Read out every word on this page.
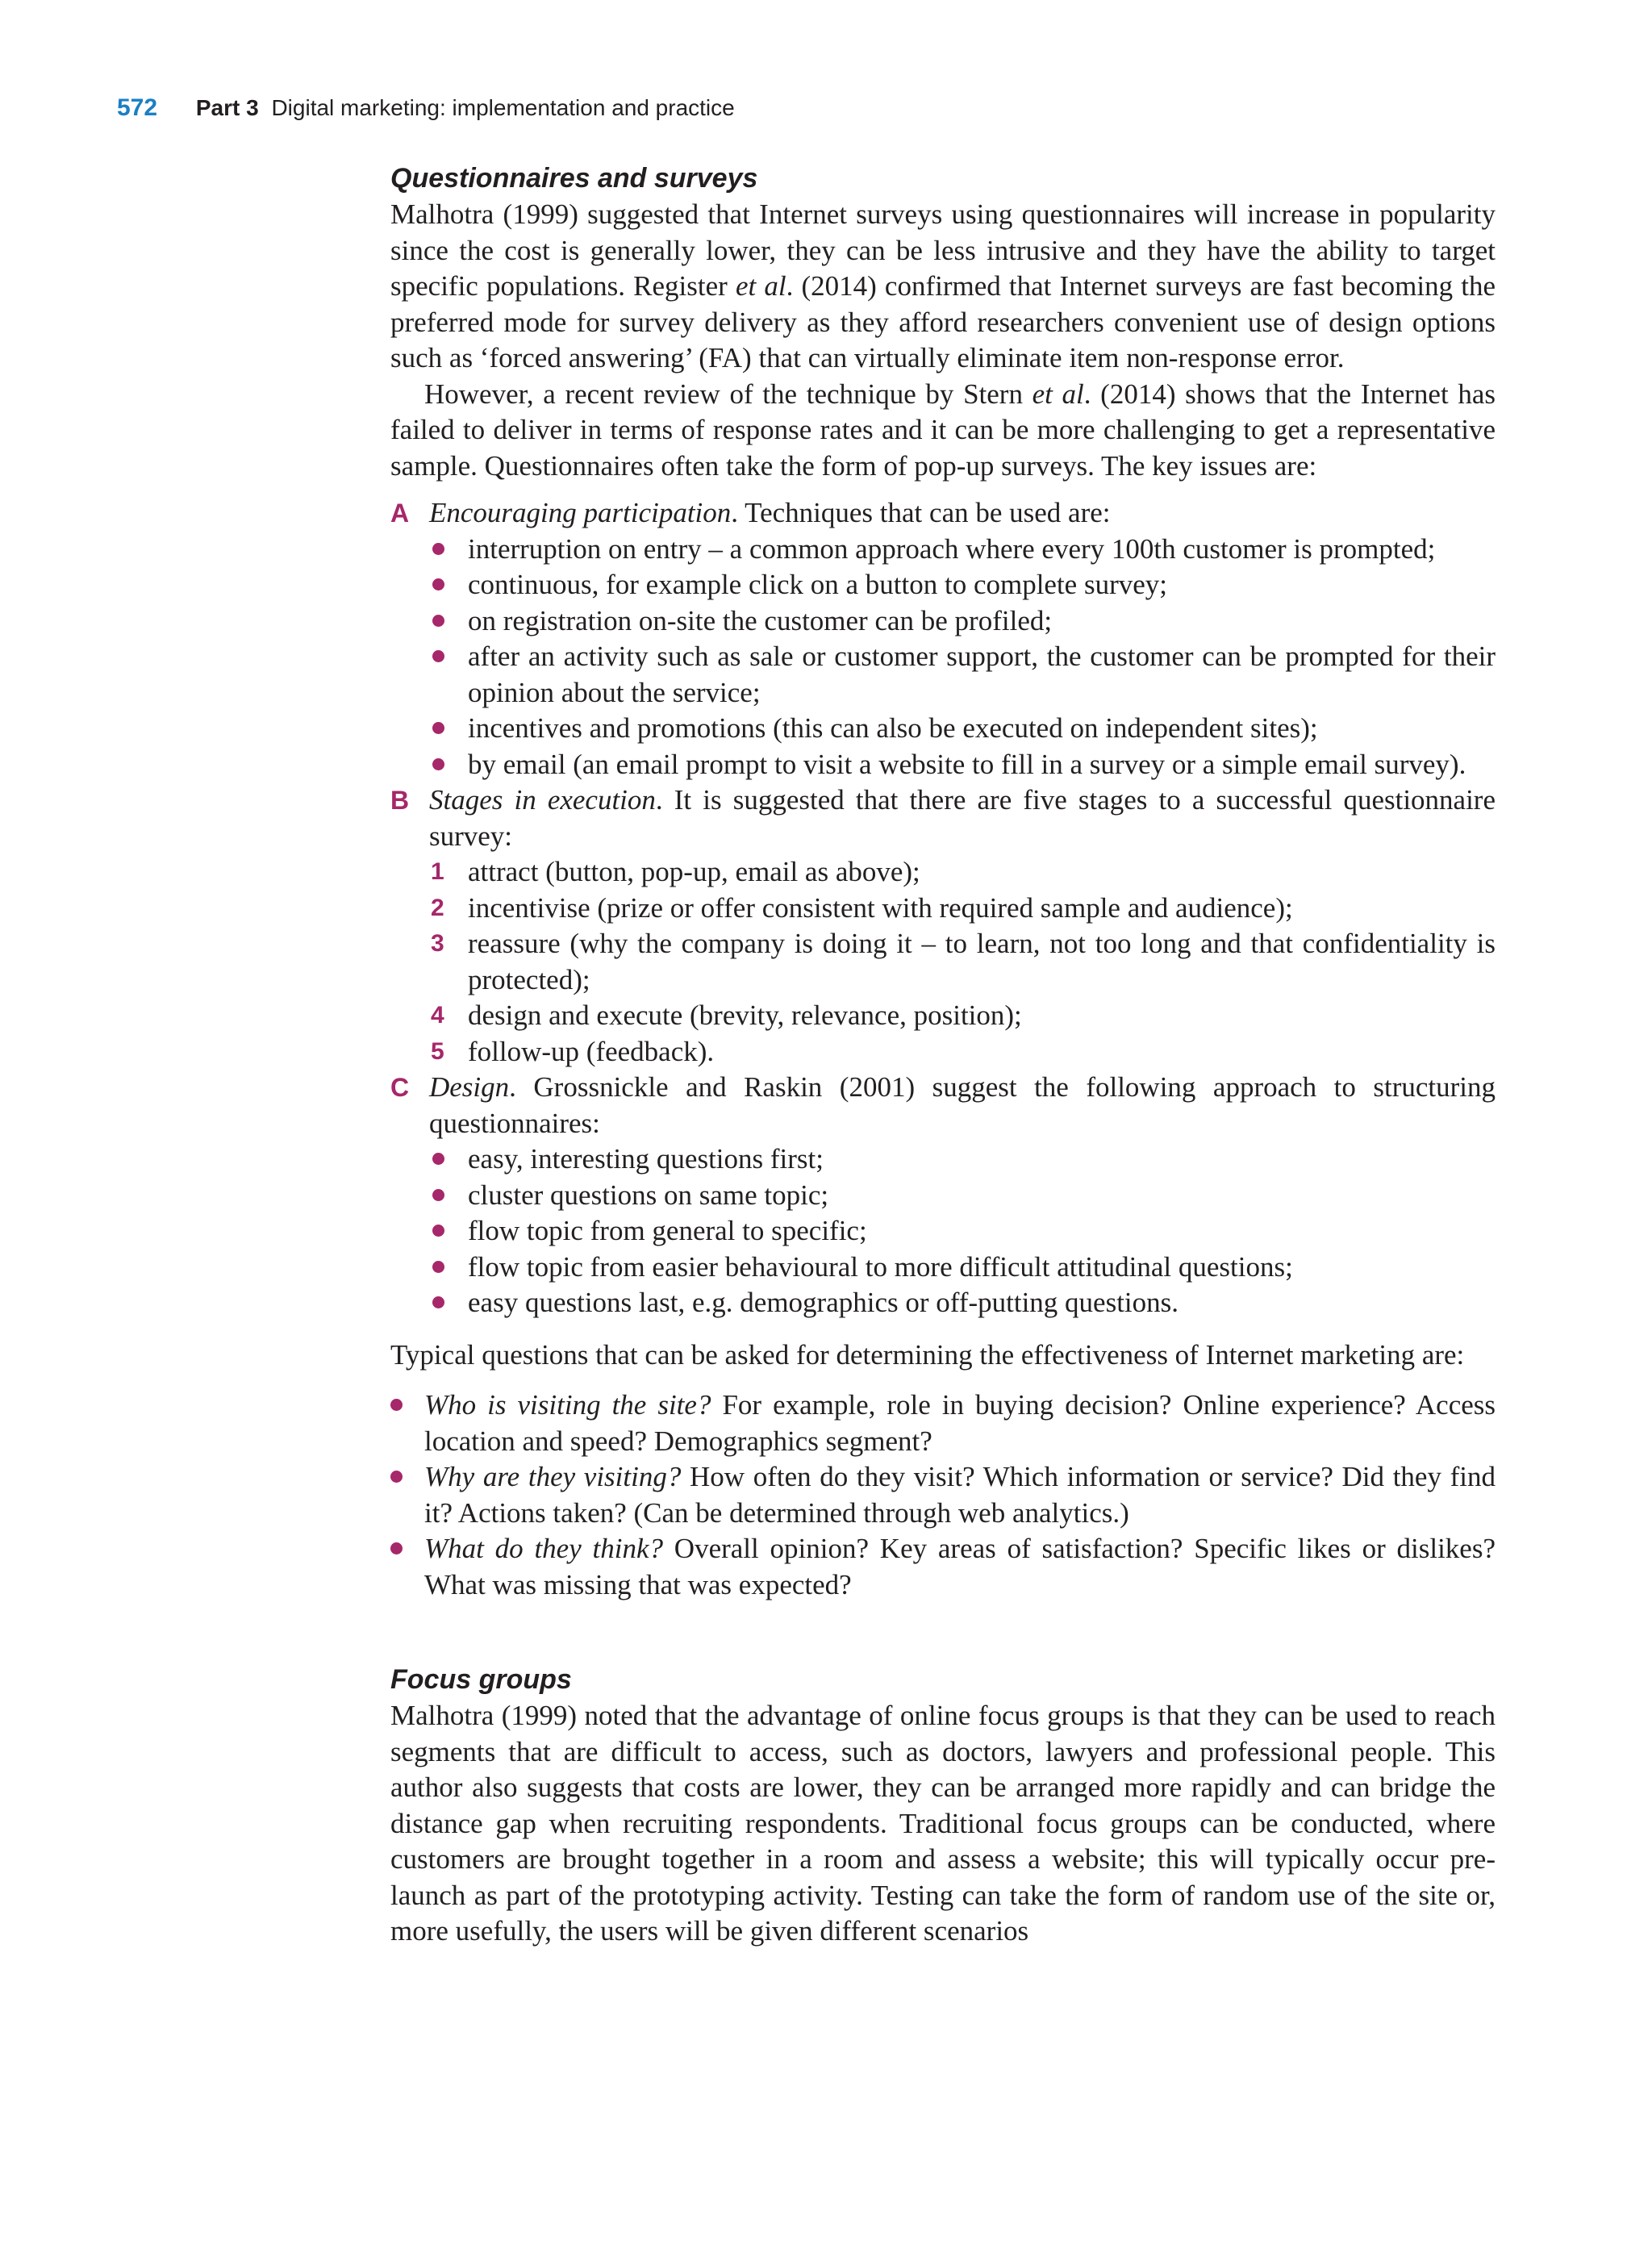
572 Part 3 Digital marketing: implementation and practice
Questionnaires and surveys

Malhotra (1999) suggested that Internet surveys using questionnaires will increase in popularity since the cost is generally lower, they can be less intrusive and they have the ability to target specific populations. Register et al. (2014) confirmed that Internet surveys are fast becoming the preferred mode for survey delivery as they afford researchers convenient use of design options such as ‘forced answering’ (FA) that can virtually eliminate item non-response error.

However, a recent review of the technique by Stern et al. (2014) shows that the Internet has failed to deliver in terms of response rates and it can be more challenging to get a representative sample. Questionnaires often take the form of pop-up surveys. The key issues are:

A Encouraging participation. Techniques that can be used are:
interruption on entry – a common approach where every 100th customer is prompted;
continuous, for example click on a button to complete survey;
on registration on-site the customer can be profiled;
after an activity such as sale or customer support, the customer can be prompted for their opinion about the service;
incentives and promotions (this can also be executed on independent sites);
by email (an email prompt to visit a website to fill in a survey or a simple email survey).
B Stages in execution. It is suggested that there are five stages to a successful questionnaire survey:
1 attract (button, pop-up, email as above);
2 incentivise (prize or offer consistent with required sample and audience);
3 reassure (why the company is doing it – to learn, not too long and that confidentiality is protected);
4 design and execute (brevity, relevance, position);
5 follow-up (feedback).
C Design. Grossnickle and Raskin (2001) suggest the following approach to structuring questionnaires:
easy, interesting questions first;
cluster questions on same topic;
flow topic from general to specific;
flow topic from easier behavioural to more difficult attitudinal questions;
easy questions last, e.g. demographics or off-putting questions.

Typical questions that can be asked for determining the effectiveness of Internet marketing are:

Who is visiting the site? For example, role in buying decision? Online experience? Access location and speed? Demographics segment?
Why are they visiting? How often do they visit? Which information or service? Did they find it? Actions taken? (Can be determined through web analytics.)
What do they think? Overall opinion? Key areas of satisfaction? Specific likes or dislikes? What was missing that was expected?
Focus groups

Malhotra (1999) noted that the advantage of online focus groups is that they can be used to reach segments that are difficult to access, such as doctors, lawyers and professional people. This author also suggests that costs are lower, they can be arranged more rapidly and can bridge the distance gap when recruiting respondents. Traditional focus groups can be conducted, where customers are brought together in a room and assess a website; this will typically occur pre-launch as part of the prototyping activity. Testing can take the form of random use of the site or, more usefully, the users will be given different scenarios
